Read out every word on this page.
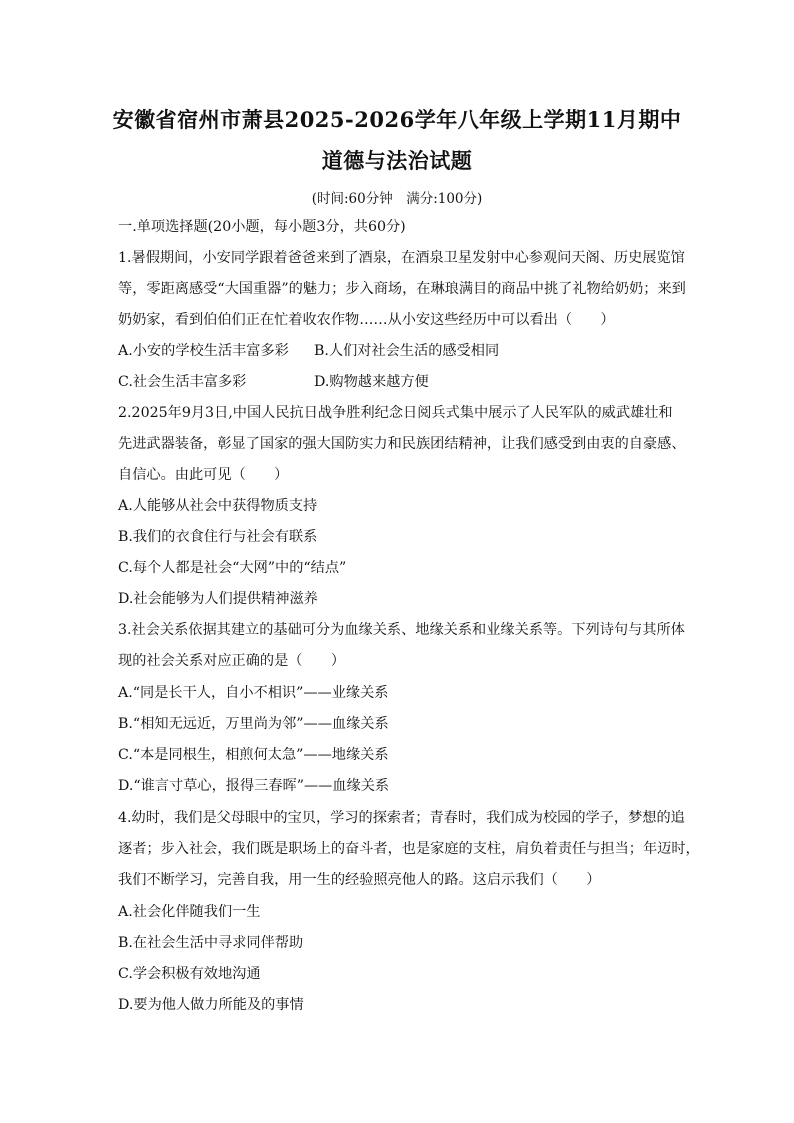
安徽省宿州市萧县2025-2026学年八年级上学期11月期中
道德与法治试题
(时间:60分钟　满分:100分)
一.单项选择题(20小题，每小题3分，共60分)
1.暑假期间，小安同学跟着爸爸来到了酒泉，在酒泉卫星发射中心参观问天阁、历史展览馆
等，零距离感受“大国重器”的魅力；步入商场，在琳琅满目的商品中挑了礼物给奶奶；来到
奶奶家，看到伯伯们正在忙着收农作物……从小安这些经历中可以看出（　　）
A.小安的学校生活丰富多彩 B.人们对社会生活的感受相同
C.社会生活丰富多彩	D.购物越来越方便
2.2025年9月3日,中国人民抗日战争胜利纪念日阅兵式集中展示了人民军队的威武雄壮和
先进武器装备，彰显了国家的强大国防实力和民族团结精神，让我们感受到由衷的自豪感、
自信心。由此可见（　　）
A.人能够从社会中获得物质支持
B.我们的衣食住行与社会有联系
C.每个人都是社会“大网”中的“结点”
D.社会能够为人们提供精神滋养
3.社会关系依据其建立的基础可分为血缘关系、地缘关系和业缘关系等。下列诗句与其所体
现的社会关系对应正确的是（　　）
A.“同是长干人，自小不相识”——业缘关系
B.“相知无远近，万里尚为邻”——血缘关系
C.“本是同根生，相煎何太急”——地缘关系
D.“谁言寸草心，报得三春晖”——血缘关系
4.幼时，我们是父母眼中的宝贝，学习的探索者；青春时，我们成为校园的学子，梦想的追
逐者；步入社会，我们既是职场上的奋斗者，也是家庭的支柱，肩负着责任与担当；年迈时，
我们不断学习，完善自我，用一生的经验照亮他人的路。这启示我们（　　）
A.社会化伴随我们一生
B.在社会生活中寻求同伴帮助
C.学会积极有效地沟通
D.要为他人做力所能及的事情
